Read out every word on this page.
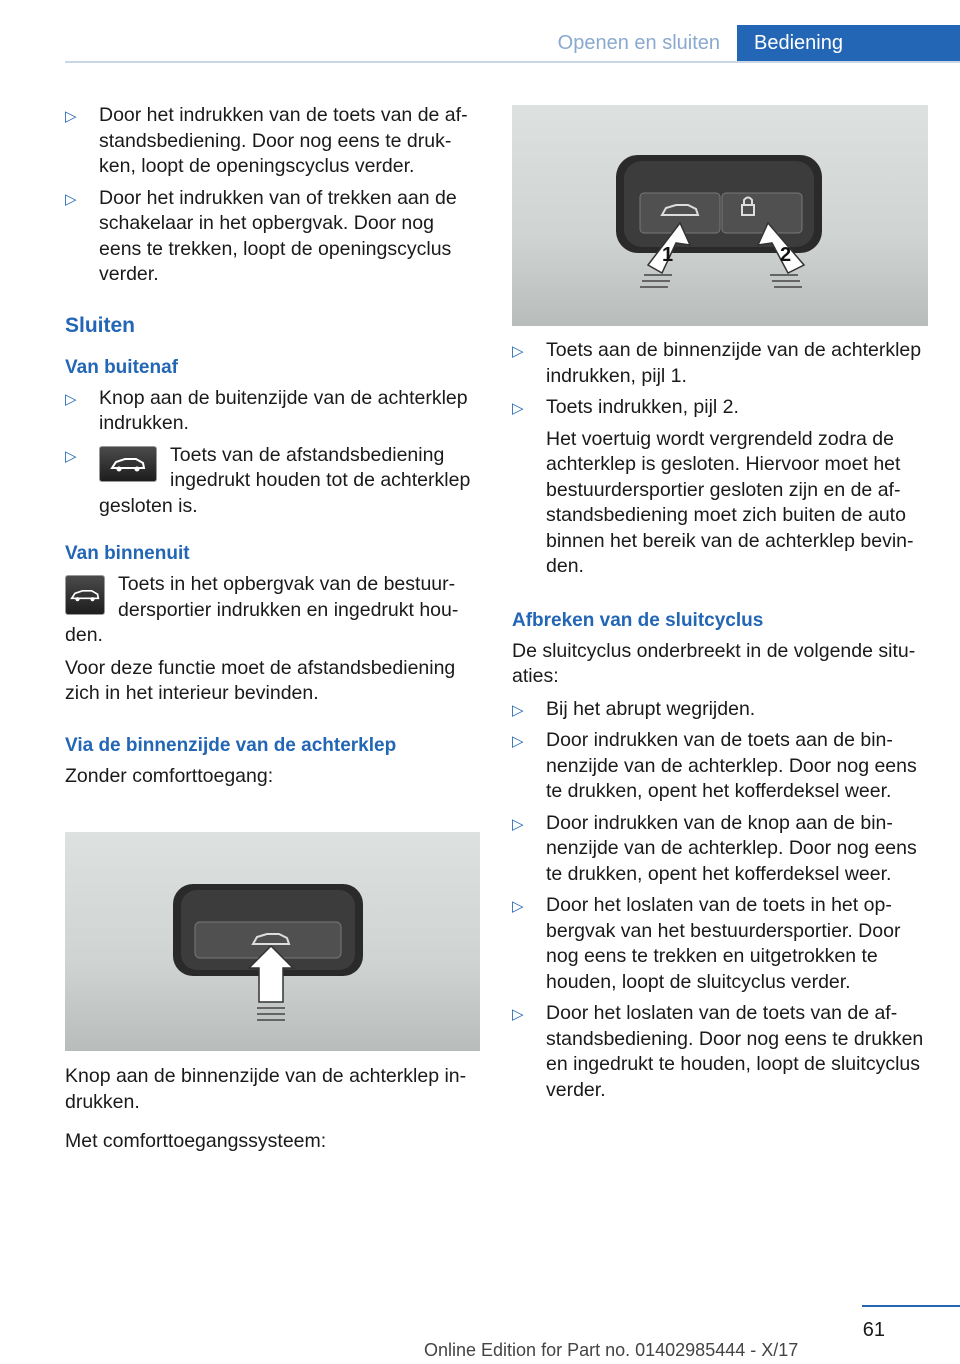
Openen en sluiten	Bediening
▷ Door het indrukken van de toets van de afstandsbediening. Door nog eens te drukken, loopt de openingscyclus verder.
▷ Door het indrukken van of trekken aan de schakelaar in het opbergvak. Door nog eens te trekken, loopt de openingscyclus verder.
Sluiten
Van buitenaf
▷ Knop aan de buitenzijde van de achterklep indrukken.
▷	Toets van de afstandsbediening ingedrukt houden tot de achterklep gesloten is.
Van binnenuit
Toets in het opbergvak van de bestuurdersportier indrukken en ingedrukt houden.
Voor deze functie moet de afstandsbediening zich in het interieur bevinden.
Via de binnenzijde van de achterklep
Zonder comforttoegang:
Knop aan de binnenzijde van de achterklep indrukken.
Met comforttoegangssysteem:
1	2
▷ Toets aan de binnenzijde van de achterklep indrukken, pijl 1.
▷ Toets indrukken, pijl 2.
Het voertuig wordt vergrendeld zodra de achterklep is gesloten. Hiervoor moet het bestuurdersportier gesloten zijn en de afstandsbediening moet zich buiten de auto binnen het bereik van de achterklep bevinden.
Afbreken van de sluitcyclus
De sluitcyclus onderbreekt in de volgende situaties:
▷ Bij het abrupt wegrijden.
▷ Door indrukken van de toets aan de binnenzijde van de achterklep. Door nog eens te drukken, opent het kofferdeksel weer.
▷ Door indrukken van de knop aan de binnenzijde van de achterklep. Door nog eens te drukken, opent het kofferdeksel weer.
▷ Door het loslaten van de toets in het opbergvak van het bestuurdersportier. Door nog eens te trekken en uitgetrokken te houden, loopt de sluitcyclus verder.
▷ Door het loslaten van de toets van de afstandsbediening. Door nog eens te drukken en ingedrukt te houden, loopt de sluitcyclus verder.
61
Online Edition for Part no. 01402985444 - X/17
